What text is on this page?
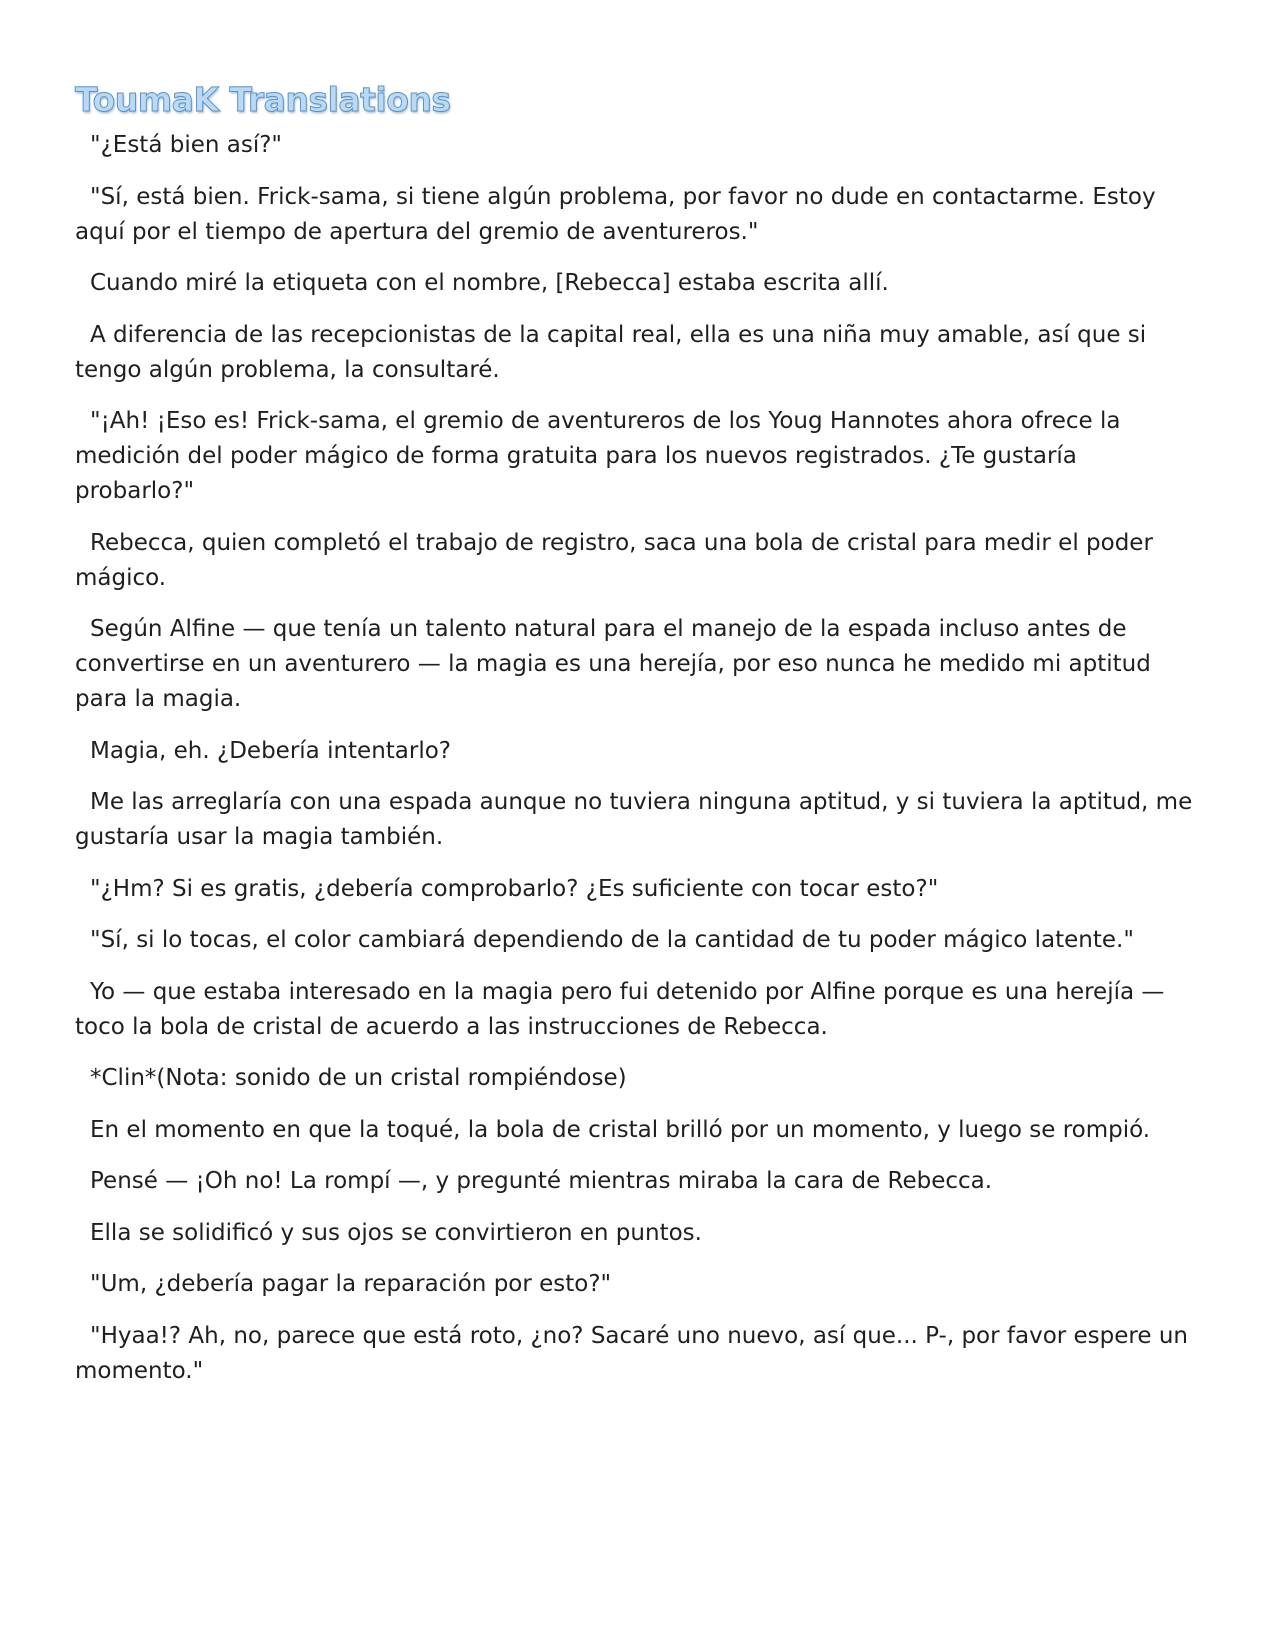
ToumaK Translations

"¿Está bien así?"

"Sí, está bien. Frick-sama, si tiene algún problema, por favor no dude en contactarme. Estoy aquí por el tiempo de apertura del gremio de aventureros."

Cuando miré la etiqueta con el nombre, [Rebecca] estaba escrita allí.

A diferencia de las recepcionistas de la capital real, ella es una niña muy amable, así que si tengo algún problema, la consultaré.

"¡Ah! ¡Eso es! Frick-sama, el gremio de aventureros de los Youg Hannotes ahora ofrece la medición del poder mágico de forma gratuita para los nuevos registrados. ¿Te gustaría probarlo?"

Rebecca, quien completó el trabajo de registro, saca una bola de cristal para medir el poder mágico.

Según Alfine — que tenía un talento natural para el manejo de la espada incluso antes de convertirse en un aventurero — la magia es una herejía, por eso nunca he medido mi aptitud para la magia.

Magia, eh. ¿Debería intentarlo?

Me las arreglaría con una espada aunque no tuviera ninguna aptitud, y si tuviera la aptitud, me gustaría usar la magia también.

"¿Hm? Si es gratis, ¿debería comprobarlo? ¿Es suficiente con tocar esto?"

"Sí, si lo tocas, el color cambiará dependiendo de la cantidad de tu poder mágico latente."

Yo — que estaba interesado en la magia pero fui detenido por Alfine porque es una herejía — toco la bola de cristal de acuerdo a las instrucciones de Rebecca.

*Clin*(Nota: sonido de un cristal rompiéndose)

En el momento en que la toqué, la bola de cristal brilló por un momento, y luego se rompió.

Pensé — ¡Oh no! La rompí —, y pregunté mientras miraba la cara de Rebecca.

Ella se solidificó y sus ojos se convirtieron en puntos.

"Um, ¿debería pagar la reparación por esto?"

"Hyaa!? Ah, no, parece que está roto, ¿no? Sacaré uno nuevo, así que... P-, por favor espere un momento."
